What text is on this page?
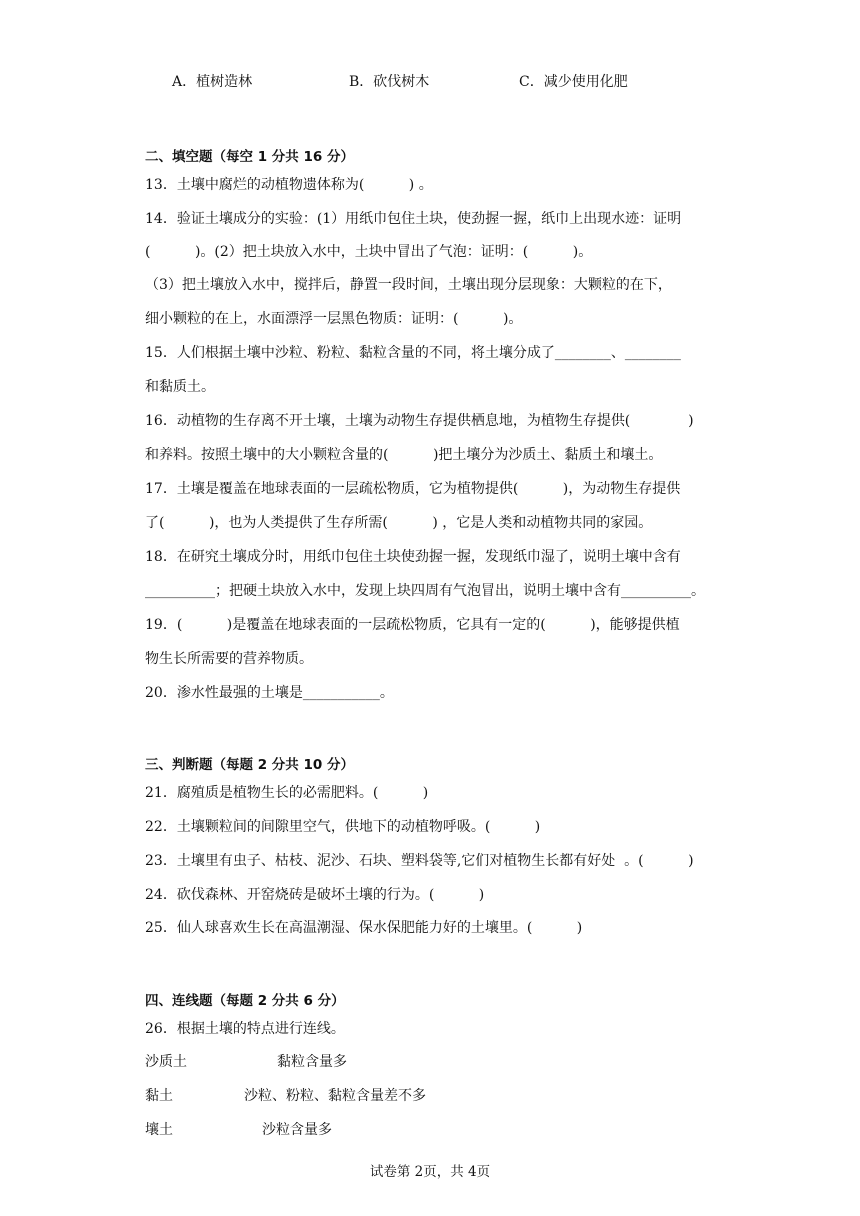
A．植树造林	B．砍伐树木	C．减少使用化肥
二、填空题（每空 1 分共 16 分）
13．土壤中腐烂的动植物遗体称为(          ) 。
14．验证土壤成分的实验：(1）用纸巾包住土块，使劲握一握，纸巾上出现水迹：证明
(          )。(2）把土块放入水中，土块中冒出了气泡：证明：(          )。
（3）把土壤放入水中，搅拌后，静置一段时间，土壤出现分层现象：大颗粒的在下，
细小颗粒的在上，水面漂浮一层黑色物质：证明：(          )。
15．人们根据土壤中沙粒、粉粒、黏粒含量的不同，将土壤分成了________、________
和黏质土。
16．动植物的生存离不开土壤，土壤为动物生存提供栖息地，为植物生存提供(             )
和养料。按照土壤中的大小颗粒含量的(          )把土壤分为沙质土、黏质土和壤土。
17．土壤是覆盖在地球表面的一层疏松物质，它为植物提供(          )，为动物生存提供
了(          )，也为人类提供了生存所需(          ) ，它是人类和动植物共同的家园。
18．在研究土壤成分时，用纸巾包住土块使劲握一握，发现纸巾湿了，说明土壤中含有
__________；把硬土块放入水中，发现上块四周有气泡冒出，说明土壤中含有__________。
19．(          )是覆盖在地球表面的一层疏松物质，它具有一定的(          )，能够提供植
物生长所需要的营养物质。
20．渗水性最强的土壤是___________。
三、判断题（每题 2 分共 10 分）
21．腐殖质是植物生长的必需肥料。(          )
22．土壤颗粒间的间隙里空气，供地下的动植物呼吸。(          )
23．土壤里有虫子、枯枝、泥沙、石块、塑料袋等,它们对植物生长都有好处  。(          )
24．砍伐森林、开窑烧砖是破坏土壤的行为。(          )
25．仙人球喜欢生长在高温潮湿、保水保肥能力好的土壤里。(          )
四、连线题（每题 2 分共 6 分）
26．根据土壤的特点进行连线。
沙质土	黏粒含量多
黏土	沙粒、粉粒、黏粒含量差不多
壤土	沙粒含量多
试卷第 2页，共 4页
